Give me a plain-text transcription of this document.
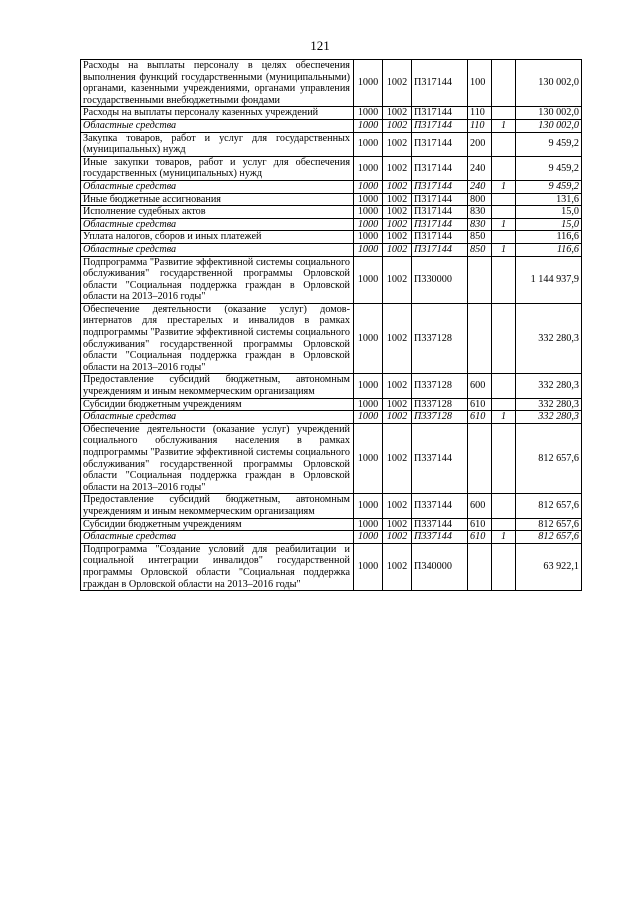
121
Расходы на выплаты персоналу в целях обеспечения выполнения функций государственными (муниципальными) органами, казенными учреждениями, органами управления государственными внебюджетными фондами	1000	1002	П317144	100		130 002,0
Расходы на выплаты персоналу казенных учреждений	1000	1002	П317144	110		130 002,0
Областные средства	1000	1002	П317144	110	1	130 002,0
Закупка товаров, работ и услуг для государственных (муниципальных) нужд	1000	1002	П317144	200		9 459,2
Иные закупки товаров, работ и услуг для обеспечения государственных (муниципальных) нужд	1000	1002	П317144	240		9 459,2
Областные средства	1000	1002	П317144	240	1	9 459,2
Иные бюджетные ассигнования	1000	1002	П317144	800		131,6
Исполнение судебных актов	1000	1002	П317144	830		15,0
Областные средства	1000	1002	П317144	830	1	15,0
Уплата налогов, сборов и иных платежей	1000	1002	П317144	850		116,6
Областные средства	1000	1002	П317144	850	1	116,6
Подпрограмма "Развитие эффективной системы социального обслуживания" государственной программы Орловской области "Социальная поддержка граждан в Орловской области на 2013–2016 годы"	1000	1002	П330000			1 144 937,9
Обеспечение деятельности (оказание услуг) домов-интернатов для престарелых и инвалидов в рамках подпрограммы "Развитие эффективной системы социального обслуживания" государственной программы Орловской области "Социальная поддержка граждан в Орловской области на 2013–2016 годы"	1000	1002	П337128			332 280,3
Предоставление субсидий бюджетным, автономным учреждениям и иным некоммерческим организациям	1000	1002	П337128	600		332 280,3
Субсидии бюджетным учреждениям	1000	1002	П337128	610		332 280,3
Областные средства	1000	1002	П337128	610	1	332 280,3
Обеспечение деятельности (оказание услуг) учреждений социального обслуживания населения в рамках подпрограммы "Развитие эффективной системы социального обслуживания" государственной программы Орловской области "Социальная поддержка граждан в Орловской области на 2013–2016 годы"	1000	1002	П337144			812 657,6
Предоставление субсидий бюджетным, автономным учреждениям и иным некоммерческим организациям	1000	1002	П337144	600		812 657,6
Субсидии бюджетным учреждениям	1000	1002	П337144	610		812 657,6
Областные средства	1000	1002	П337144	610	1	812 657,6
Подпрограмма "Создание условий для реабилитации и социальной интеграции инвалидов" государственной программы Орловской области "Социальная поддержка граждан в Орловской области на 2013–2016 годы"	1000	1002	П340000			63 922,1
